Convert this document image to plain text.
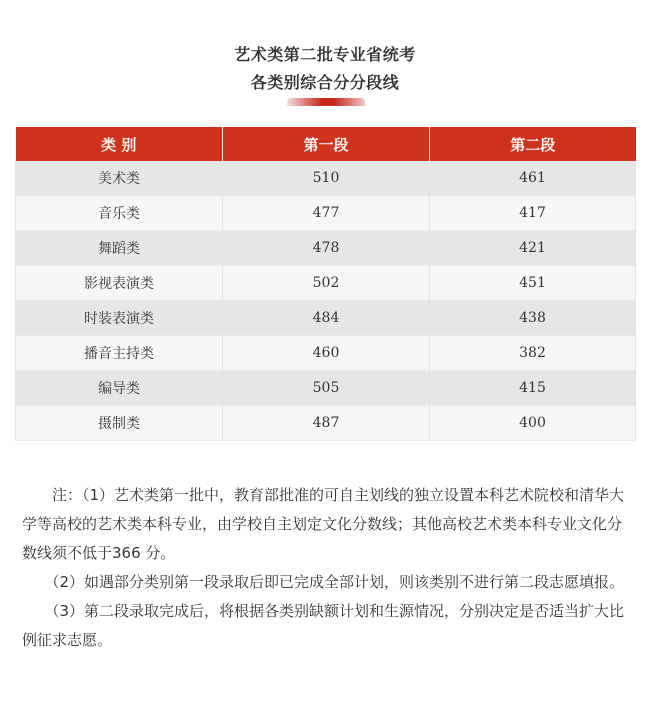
艺术类第二批专业省统考
各类别综合分分段线
类 别	第一段	第二段
美术类	510	461
音乐类	477	417
舞蹈类	478	421
影视表演类	502	451
时装表演类	484	438
播音主持类	460	382
编导类	505	415
摄制类	487	400

　　注：（1）艺术类第一批中，教育部批准的可自主划线的独立设置本科艺术院校和清华大学等高校的艺术类本科专业，由学校自主划定文化分数线；其他高校艺术类本科专业文化分数线须不低于366 分。

　　（2）如遇部分类别第一段录取后即已完成全部计划，则该类别不进行第二段志愿填报。

　　（3）第二段录取完成后，将根据各类别缺额计划和生源情况，分别决定是否适当扩大比例征求志愿。
